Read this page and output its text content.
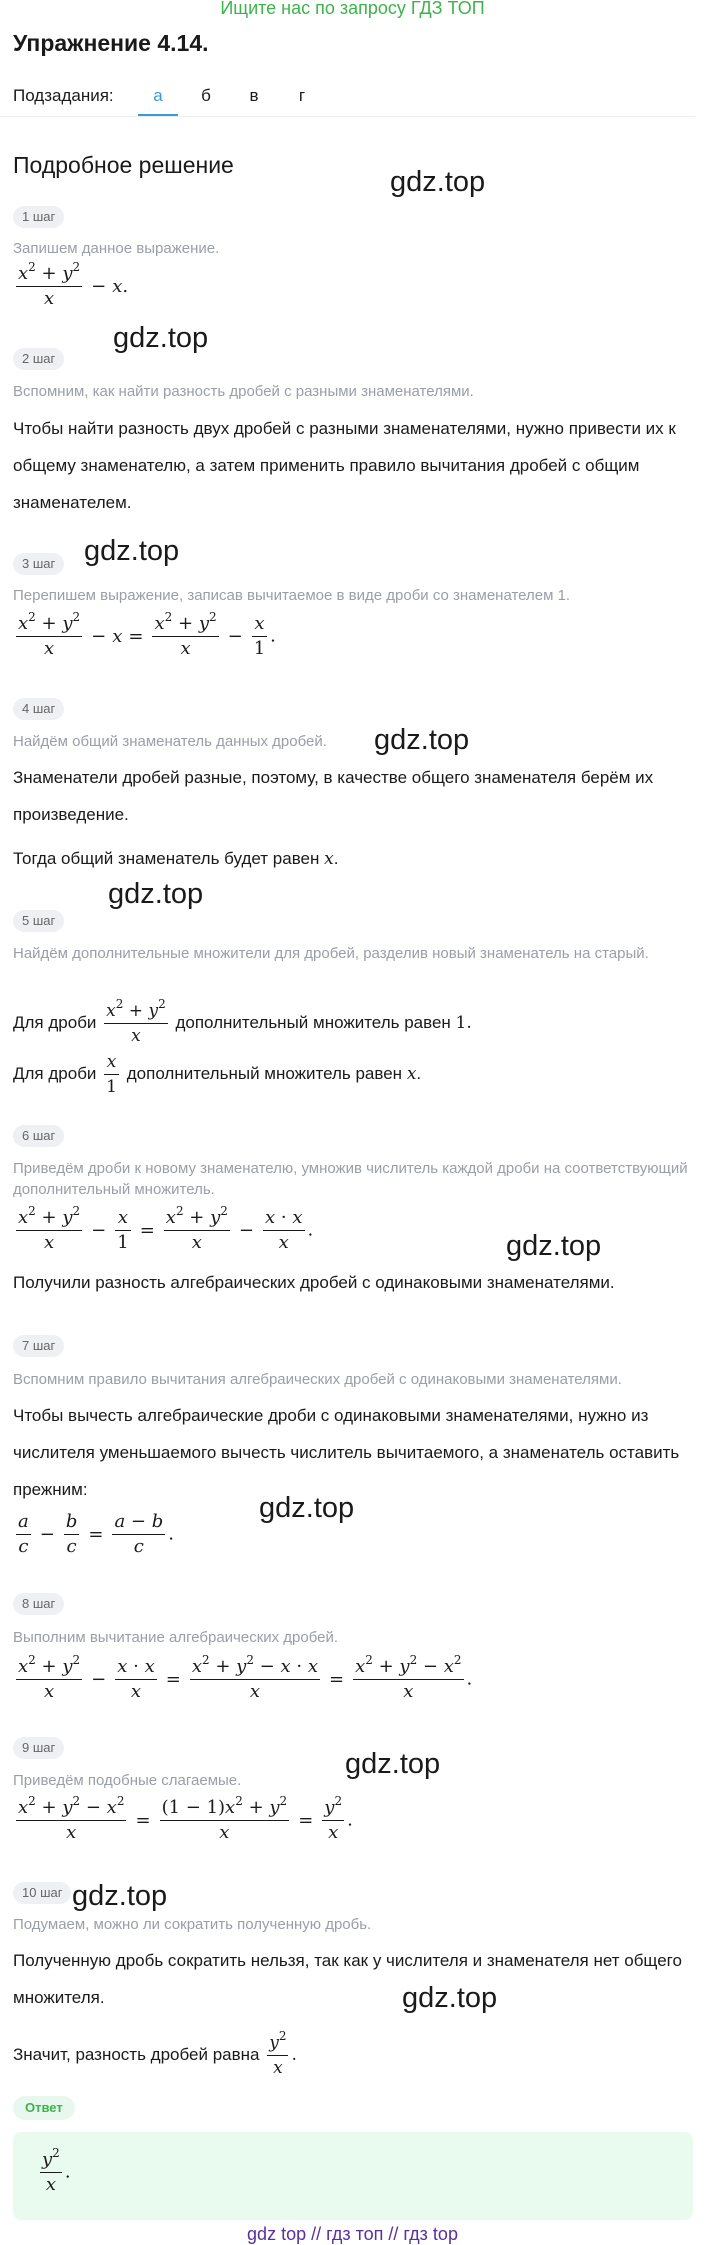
Ищите нас по запросу ГДЗ ТОП
Упражнение 4.14.
Подзадания:	а	б	в	г
Подробное решение
gdz.top
gdz.top
gdz.top
gdz.top
gdz.top
gdz.top
gdz.top
gdz.top
gdz.top
gdz.top
1 шаг
Запишем данное выражение.
$\frac{x^2 + y^2}{x} - x$.
2 шаг
Вспомним, как найти разность дробей с разными знаменателями.
Чтобы найти разность двух дробей с разными знаменателями, нужно привести их к общему знаменателю, а затем применить правило вычитания дробей с общим знаменателем.
3 шаг
Перепишем выражение, записав вычитаемое в виде дроби со знаменателем 1.
$\frac{x^2 + y^2}{x} - x = \frac{x^2 + y^2}{x} - \frac{x}{1}$ .
4 шаг
Найдём общий знаменатель данных дробей.
Знаменатели дробей разные, поэтому, в качестве общего знаменателя берём их произведение.
Тогда общий знаменатель будет равен x.
5 шаг
Найдём дополнительные множители для дробей, разделив новый знаменатель на старый.
Для дроби $\frac{x^2 + y^2}{x}$ дополнительный множитель равен 1.
Для дроби $\frac{x}{1}$ дополнительный множитель равен x.
6 шаг
Приведём дроби к новому знаменателю, умножив числитель каждой дроби на соответствующий дополнительный множитель.
$\frac{x^2 + y^2}{x} - \frac{x}{1} = \frac{x^2 + y^2}{x} - \frac{x \cdot x}{x}$ .
Получили разность алгебраических дробей с одинаковыми знаменателями.
7 шаг
Вспомним правило вычитания алгебраических дробей с одинаковыми знаменателями.
Чтобы вычесть алгебраические дроби с одинаковыми знаменателями, нужно из числителя уменьшаемого вычесть числитель вычитаемого, а знаменатель оставить прежним:
$\frac{a}{c} - \frac{b}{c} = \frac{a - b}{c}$ .
8 шаг
Выполним вычитание алгебраических дробей.
$\frac{x^2 + y^2}{x} - \frac{x \cdot x}{x} = \frac{x^2 + y^2 - x \cdot x}{x} = \frac{x^2 + y^2 - x^2}{x}$ .
9 шаг
Приведём подобные слагаемые.
$\frac{x^2 + y^2 - x^2}{x} = \frac{(1 - 1)x^2 + y^2}{x} = \frac{y^2}{x}$ .
10 шаг
Подумаем, можно ли сократить полученную дробь.
Полученную дробь сократить нельзя, так как у числителя и знаменателя нет общего множителя.
Значит, разность дробей равна $\frac{y^2}{x}$ .
Ответ
$\frac{y^2}{x}$ .
gdz top // гдз топ // гдз top
